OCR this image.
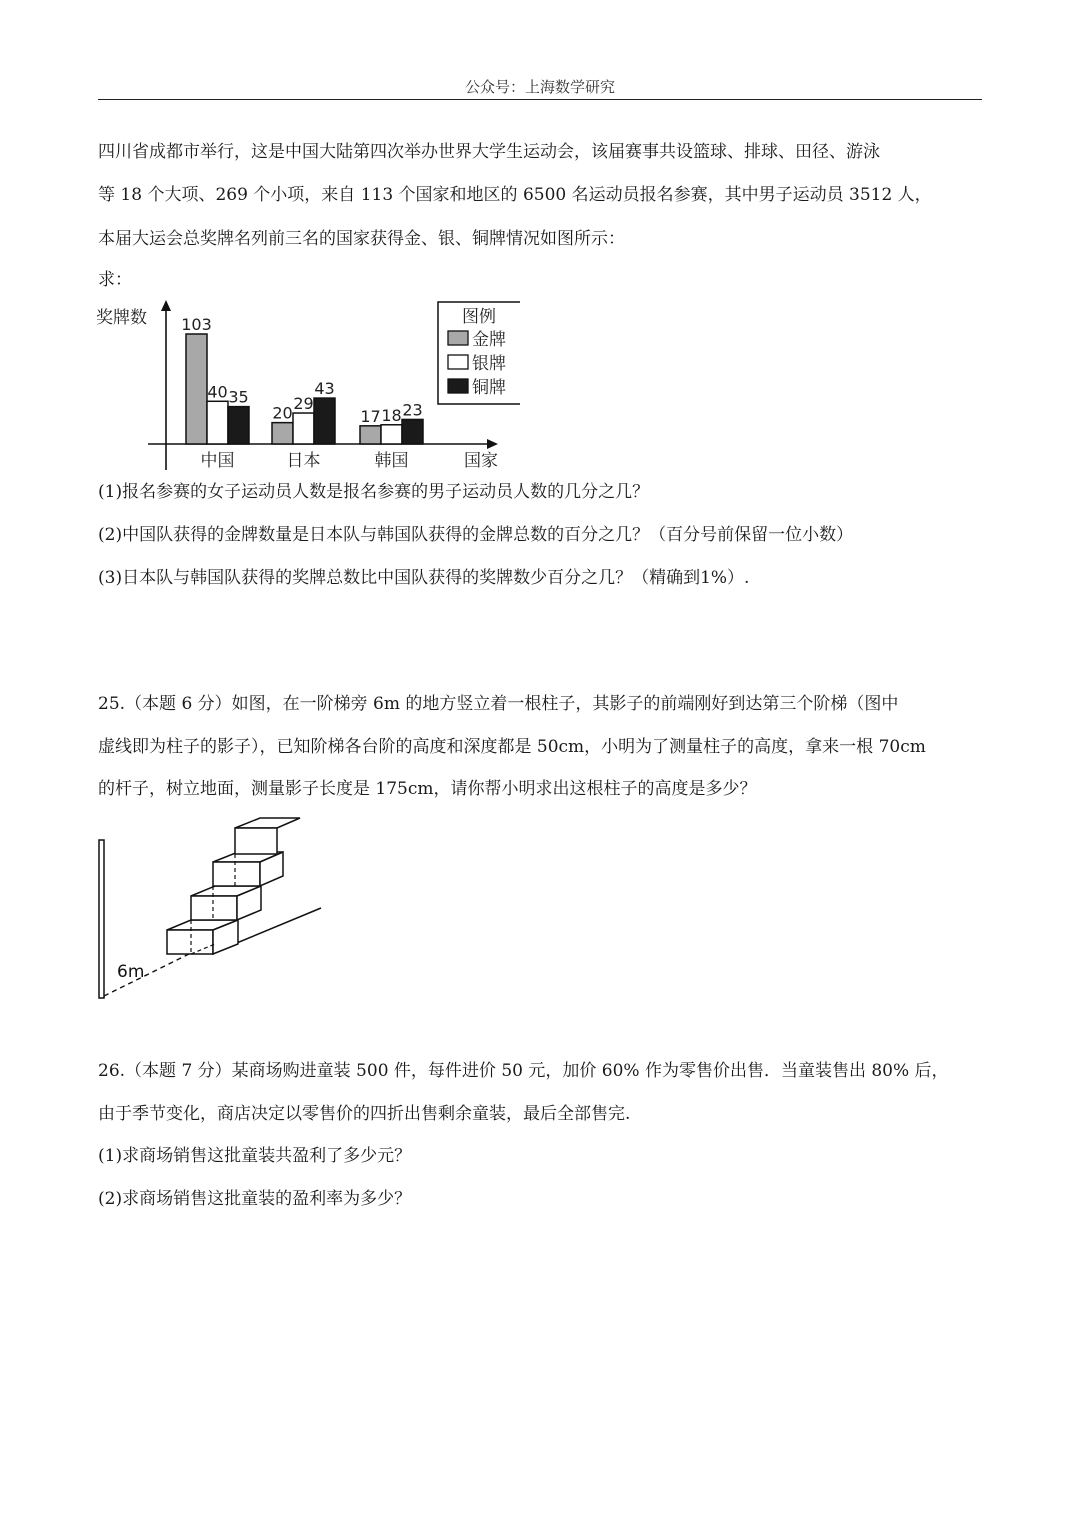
公众号：上海数学研究
四川省成都市举行，这是中国大陆第四次举办世界大学生运动会，该届赛事共设篮球、排球、田径、游泳
等 18 个大项、269 个小项，来自 113 个国家和地区的 6500 名运动员报名参赛，其中男子运动员 3512 人，
本届大运会总奖牌名列前三名的国家获得金、银、铜牌情况如图所示：
求：
奖牌数
国家
103
40 35
20
29
43
17 18 23
中国	日本	韩国
图例
金牌
银牌
铜牌
(1)报名参赛的女子运动员人数是报名参赛的男子运动员人数的几分之几？
(2)中国队获得的金牌数量是日本队与韩国队获得的金牌总数的百分之几？（百分号前保留一位小数）
(3)日本队与韩国队获得的奖牌总数比中国队获得的奖牌数少百分之几？（精确到1%）.
25.（本题 6 分）如图，在一阶梯旁 6m 的地方竖立着一根柱子，其影子的前端刚好到达第三个阶梯（图中
虚线即为柱子的影子），已知阶梯各台阶的高度和深度都是 50cm，小明为了测量柱子的高度，拿来一根 70cm
的杆子，树立地面，测量影子长度是 175cm，请你帮小明求出这根柱子的高度是多少？
6m
26.（本题 7 分）某商场购进童装 500 件，每件进价 50 元，加价 60% 作为零售价出售．当童装售出 80% 后，
由于季节变化，商店决定以零售价的四折出售剩余童装，最后全部售完.
(1)求商场销售这批童装共盈利了多少元？
(2)求商场销售这批童装的盈利率为多少？
